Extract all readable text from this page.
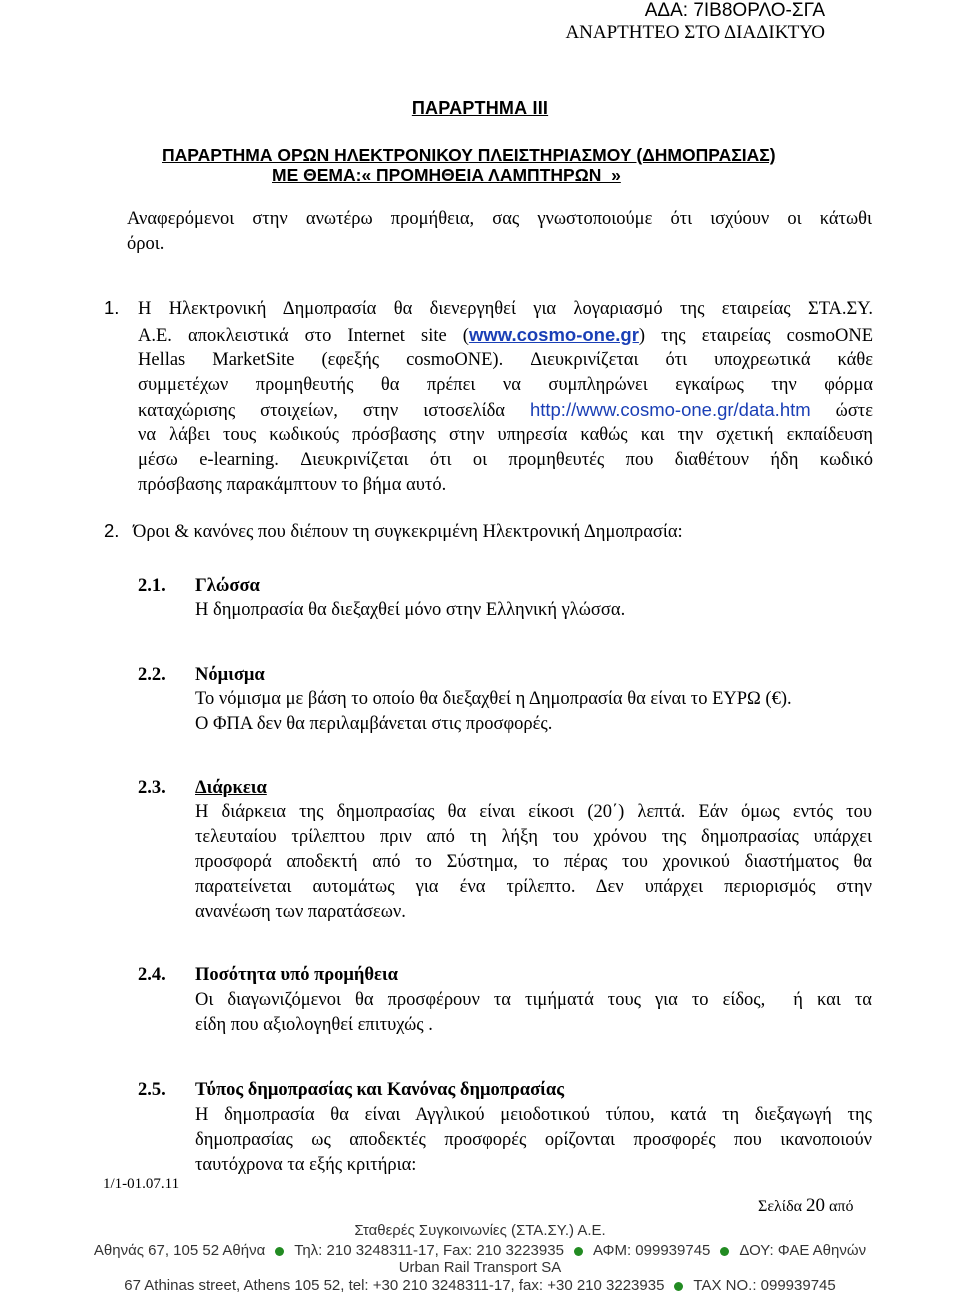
ΑΔΑ: 7ΙΒ8ΟΡΛΟ-ΣΓΑ
ΑΝΑΡΤΗΤΕΟ ΣΤΟ ΔΙΑΔΙΚΤΥΟ
ΠΑΡΑΡΤΗΜΑ ΙΙΙ
ΠΑΡΑΡΤΗΜΑ ΟΡΩΝ ΗΛΕΚΤΡΟΝΙΚΟΥ ΠΛΕΙΣΤΗΡΙΑΣΜΟΥ (ΔΗΜΟΠΡΑΣΙΑΣ)
ΜΕ ΘΕΜΑ:« ΠΡΟΜΗΘΕΙΑ ΛΑΜΠΤΗΡΩΝ  »
Αναφερόμενοι στην ανωτέρω προμήθεια, σας γνωστοποιούμε ότι ισχύουν οι κάτωθι
όροι.
1. Η Ηλεκτρονική Δημοπρασία θα διενεργηθεί για λογαριασμό της εταιρείας ΣΤΑ.ΣΥ.
Α.Ε. αποκλειστικά στο Internet site (www.cosmo-one.gr) της εταιρείας cosmoONE
Hellas MarketSite (εφεξής cosmoONE). Διευκρινίζεται ότι υποχρεωτικά κάθε
συμμετέχων προμηθευτής θα πρέπει να συμπληρώνει εγκαίρως την φόρμα
καταχώρισης στοιχείων, στην ιστοσελίδα http://www.cosmo-one.gr/data.htm ώστε
να λάβει τους κωδικούς πρόσβασης στην υπηρεσία καθώς και την σχετική εκπαίδευση
μέσω e-learning. Διευκρινίζεται ότι οι προμηθευτές που διαθέτουν ήδη κωδικό
πρόσβασης παρακάμπτουν το βήμα αυτό.
2. Όροι & κανόνες που διέπουν τη συγκεκριμένη Ηλεκτρονική Δημοπρασία:
2.1. Γλώσσα
Η δημοπρασία θα διεξαχθεί μόνο στην Ελληνική γλώσσα.
2.2. Νόμισμα
Το νόμισμα με βάση το οποίο θα διεξαχθεί η Δημοπρασία θα είναι το ΕΥΡΩ (€).
Ο ΦΠΑ δεν θα περιλαμβάνεται στις προσφορές.
2.3. Διάρκεια
Η διάρκεια της δημοπρασίας θα είναι είκοσι (20΄) λεπτά. Εάν όμως εντός του
τελευταίου τρίλεπτου πριν από τη λήξη του χρόνου της δημοπρασίας υπάρχει
προσφορά αποδεκτή από το Σύστημα, το πέρας του χρονικού διαστήματος θα
παρατείνεται αυτομάτως για ένα τρίλεπτο. Δεν υπάρχει περιορισμός στην
ανανέωση των παρατάσεων.
2.4. Ποσότητα υπό προμήθεια
Οι διαγωνιζόμενοι θα προσφέρουν τα τιμήματά τους για το είδος,  ή και τα
είδη που αξιολογηθεί επιτυχώς .
2.5. Τύπος δημοπρασίας και Κανόνας δημοπρασίας
Η δημοπρασία θα είναι Αγγλικού μειοδοτικού τύπου, κατά τη διεξαγωγή της
δημοπρασίας ως αποδεκτές προσφορές ορίζονται προσφορές που ικανοποιούν
ταυτόχρονα τα εξής κριτήρια:
1/1-01.07.11
Σελίδα 20 από
Σταθερές Συγκοινωνίες (ΣΤΑ.ΣΥ.) Α.Ε.
Αθηνάς 67, 105 52 Αθήνα Τηλ: 210 3248311-17, Fax: 210 3223935 ΑΦΜ: 099939745 ΔΟΥ: ΦΑΕ Αθηνών
Urban Rail Transport SA
67 Athinas street, Athens 105 52, tel: +30 210 3248311-17, fax: +30 210 3223935 TAX NO.: 099939745
